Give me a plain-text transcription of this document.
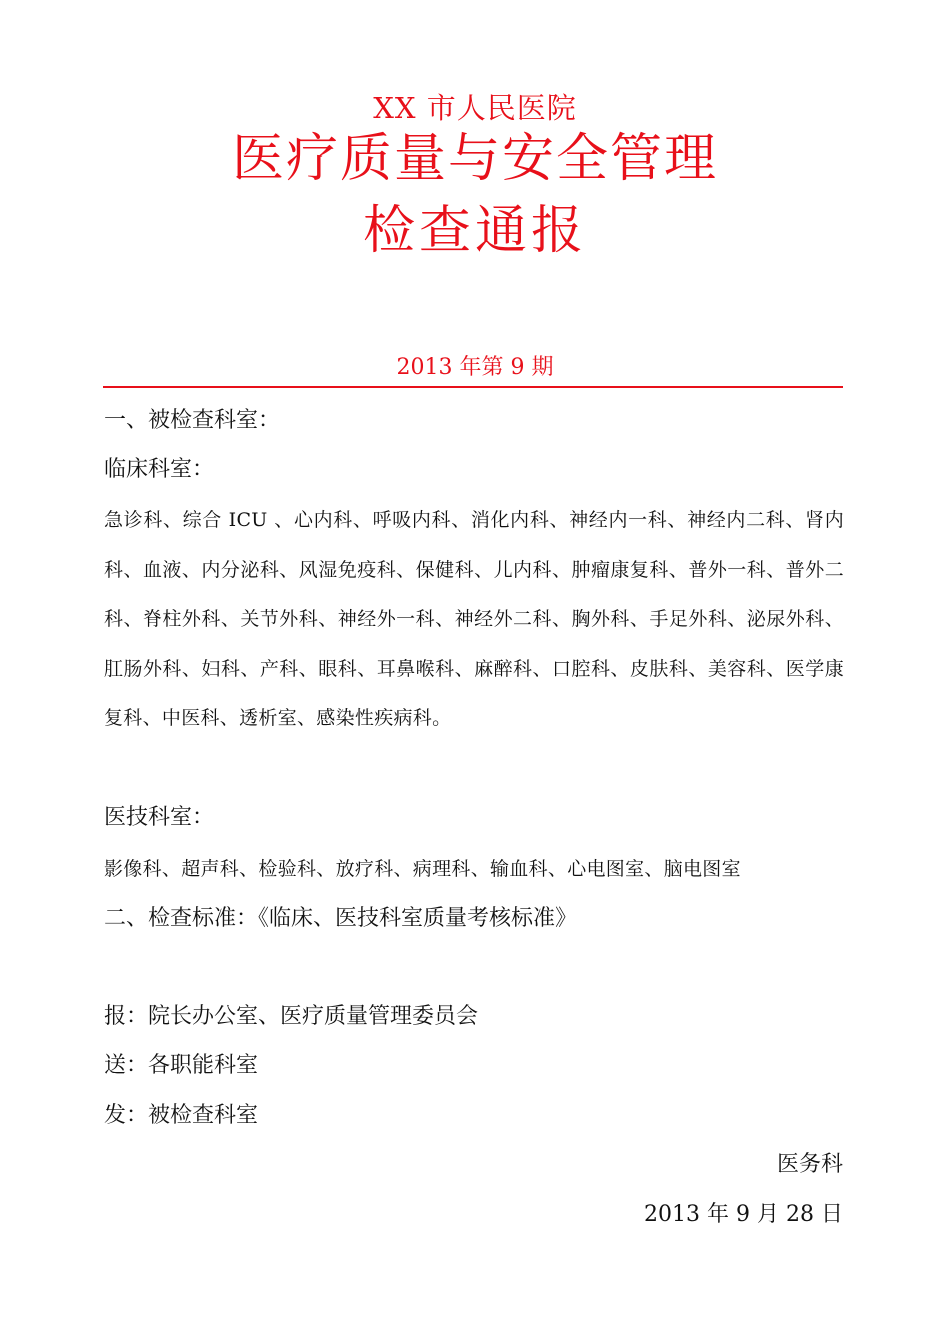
XX 市人民医院
医疗质量与安全管理
检查通报
2013 年第 9 期
一、被检查科室：
临床科室：
急诊科、综合 ICU 、心内科、呼吸内科、消化内科、神经内一科、神经内二科、肾内科、血液、内分泌科、风湿免疫科、保健科、儿内科、肿瘤康复科、普外一科、普外二科、脊柱外科、关节外科、神经外一科、神经外二科、胸外科、手足外科、泌尿外科、肛肠外科、妇科、产科、眼科、耳鼻喉科、麻醉科、口腔科、皮肤科、美容科、医学康复科、中医科、透析室、感染性疾病科。
医技科室：
影像科、超声科、检验科、放疗科、病理科、输血科、心电图室、脑电图室
二、检查标准：《临床、医技科室质量考核标准》
报：院长办公室、医疗质量管理委员会
送：各职能科室
发：被检查科室
医务科
2013 年 9 月 28 日
